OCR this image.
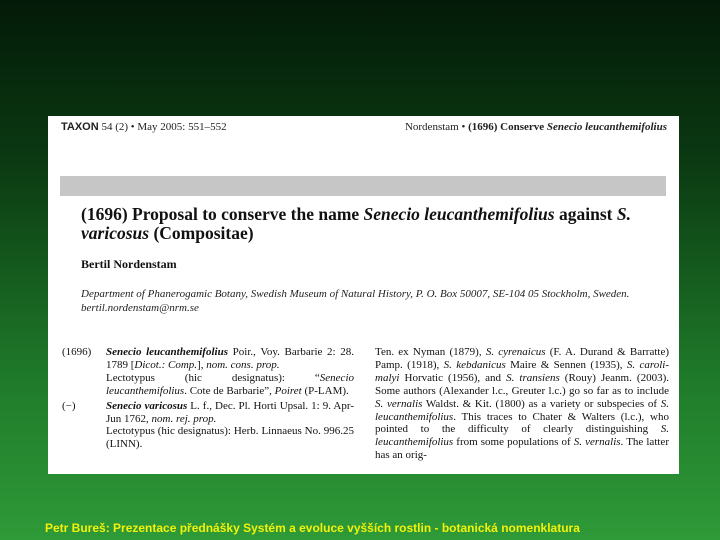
TAXON 54 (2) • May 2005: 551–552	Nordenstam • (1696) Conserve Senecio leucanthemifolius
(1696) Proposal to conserve the name Senecio leucanthemifolius against S. varicosus (Compositae)
Bertil Nordenstam
Department of Phanerogamic Botany, Swedish Museum of Natural History, P. O. Box 50007, SE-104 05 Stockholm, Sweden. bertil.nordenstam@nrm.se
(1696)	Senecio leucanthemifolius Poir., Voy. Barbarie 2: 28. 1789 [Dicot.: Comp.], nom. cons. prop.
Lectotypus (hic designatus): “Senecio leucanthemifolius. Cote de Barbarie”, Poiret (P-LAM).
(−)	Senecio varicosus L. f., Dec. Pl. Horti Upsal. 1: 9. Apr-Jun 1762, nom. rej. prop.
Lectotypus (hic designatus): Herb. Linnaeus No. 996.25 (LINN).
Ten. ex Nyman (1879), S. cyrenaicus (F. A. Durand & Barratte) Pamp. (1918), S. kebdanicus Maire & Sennen (1935), S. caroli-malyi Horvatic (1956), and S. transiens (Rouy) Jeanm. (2003). Some authors (Alexander l.c., Greuter l.c.) go so far as to include S. vernalis Waldst. & Kit. (1800) as a variety or subspecies of S. leucanthemifolius. This traces to Chater & Walters (l.c.), who pointed to the difficulty of clearly distinguishing S. leucanthemifolius from some populations of S. vernalis. The latter has an orig-
Petr Bureš: Prezentace přednášky Systém a evoluce vyšších rostlin - botanická nomenklatura
